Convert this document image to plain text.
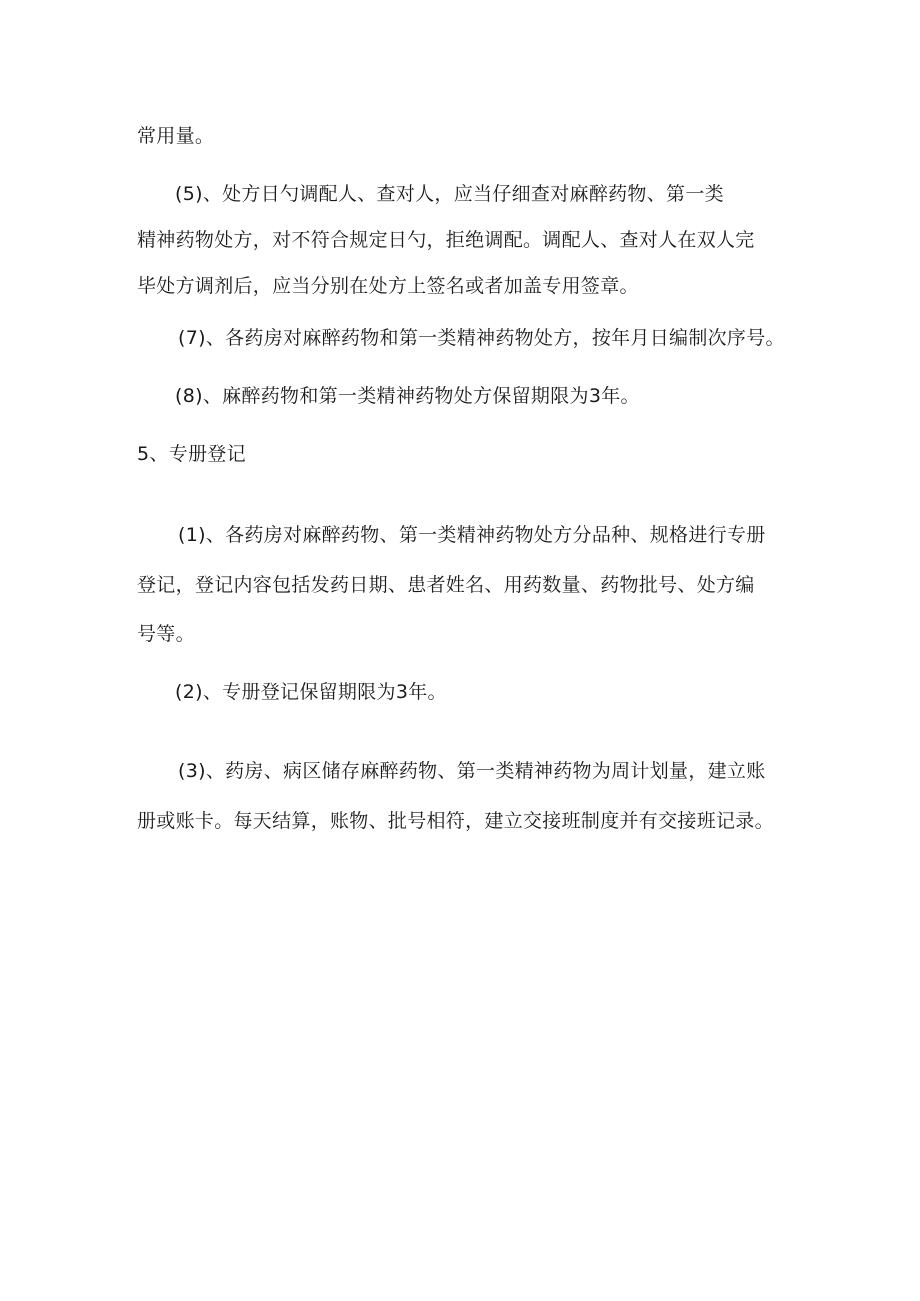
常用量。
(5)、处方日勺调配人、查对人，应当仔细查对麻醉药物、第一类
精神药物处方，对不符合规定日勺，拒绝调配。调配人、查对人在双人完
毕处方调剂后，应当分别在处方上签名或者加盖专用签章。
(7)、各药房对麻醉药物和第一类精神药物处方，按年月日编制次序号。
(8)、麻醉药物和第一类精神药物处方保留期限为3年。
5、专册登记
(1)、各药房对麻醉药物、第一类精神药物处方分品种、规格进行专册
登记，登记内容包括发药日期、患者姓名、用药数量、药物批号、处方编
号等。
(2)、专册登记保留期限为3年。
(3)、药房、病区储存麻醉药物、第一类精神药物为周计划量，建立账
册或账卡。每天结算，账物、批号相符，建立交接班制度并有交接班记录。
